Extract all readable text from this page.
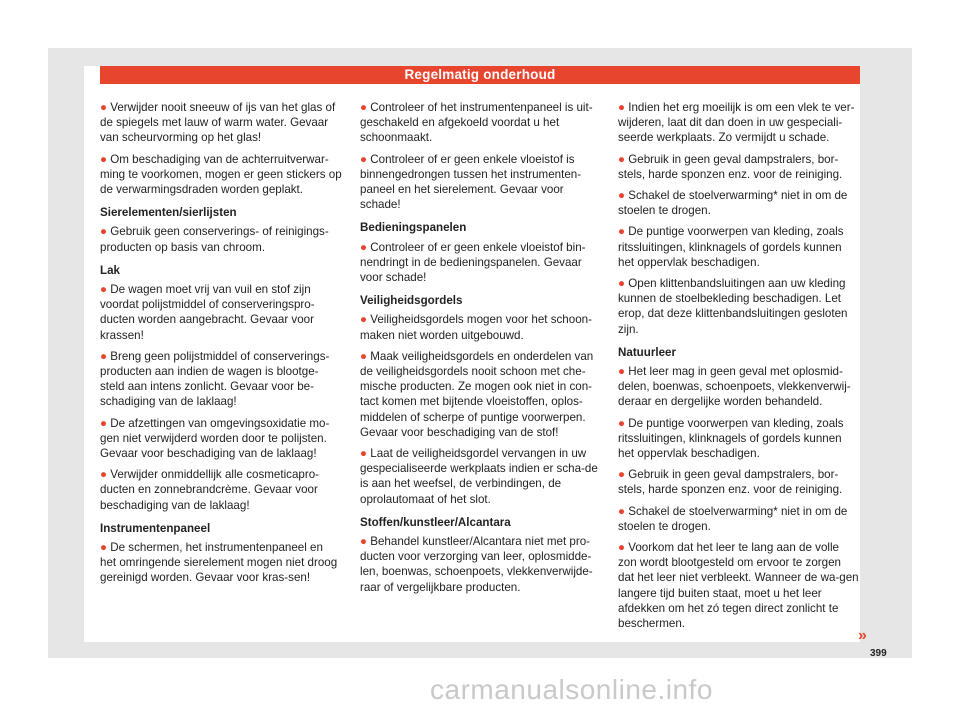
Regelmatig onderhoud

● Verwijder nooit sneeuw of ijs van het glas of de spiegels met lauw of warm water. Gevaar van scheurvorming op het glas!

● Om beschadiging van de achterruitverwar-ming te voorkomen, mogen er geen stickers op de verwarmingsdraden worden geplakt.

Sierelementen/sierlijsten

● Gebruik geen conserverings- of reinigings-producten op basis van chroom.

Lak

● De wagen moet vrij van vuil en stof zijn voordat polijstmiddel of conserveringspro-ducten worden aangebracht. Gevaar voor krassen!

● Breng geen polijstmiddel of conserverings-producten aan indien de wagen is blootge-steld aan intens zonlicht. Gevaar voor be-schadiging van de laklaag!

● De afzettingen van omgevingsoxidatie mo-gen niet verwijderd worden door te polijsten. Gevaar voor beschadiging van de laklaag!

● Verwijder onmiddellijk alle cosmeticapro-ducten en zonnebrandcrème. Gevaar voor beschadiging van de laklaag!

Instrumentenpaneel

● De schermen, het instrumentenpaneel en het omringende sierelement mogen niet droog gereinigd worden. Gevaar voor kras-sen!

● Controleer of het instrumentenpaneel is uit-geschakeld en afgekoeld voordat u het schoonmaakt.

● Controleer of er geen enkele vloeistof is binnengedrongen tussen het instrumenten-paneel en het sierelement. Gevaar voor schade!

Bedieningspanelen

● Controleer of er geen enkele vloeistof bin-nendringt in de bedieningspanelen. Gevaar voor schade!

Veiligheidsgordels

● Veiligheidsgordels mogen voor het schoon-maken niet worden uitgebouwd.

● Maak veiligheidsgordels en onderdelen van de veiligheidsgordels nooit schoon met che-mische producten. Ze mogen ook niet in con-tact komen met bijtende vloeistoffen, oplos-middelen of scherpe of puntige voorwerpen. Gevaar voor beschadiging van de stof!

● Laat de veiligheidsgordel vervangen in uw gespecialiseerde werkplaats indien er scha-de is aan het weefsel, de verbindingen, de oprolautomaat of het slot.

Stoffen/kunstleer/Alcantara

● Behandel kunstleer/Alcantara niet met pro-ducten voor verzorging van leer, oplosmidde-len, boenwas, schoenpoets, vlekkenverwijde-raar of vergelijkbare producten.

● Indien het erg moeilijk is om een vlek te ver-wijderen, laat dit dan doen in uw gespeciali-seerde werkplaats. Zo vermijdt u schade.

● Gebruik in geen geval dampstralers, bor-stels, harde sponzen enz. voor de reiniging.

● Schakel de stoelverwarming* niet in om de stoelen te drogen.

● De puntige voorwerpen van kleding, zoals ritssluitingen, klinknagels of gordels kunnen het oppervlak beschadigen.

● Open klittenbandsluitingen aan uw kleding kunnen de stoelbekleding beschadigen. Let erop, dat deze klittenbandsluitingen gesloten zijn.

Natuurleer

● Het leer mag in geen geval met oplosmid-delen, boenwas, schoenpoets, vlekkenverwij-deraar en dergelijke worden behandeld.

● De puntige voorwerpen van kleding, zoals ritssluitingen, klinknagels of gordels kunnen het oppervlak beschadigen.

● Gebruik in geen geval dampstralers, bor-stels, harde sponzen enz. voor de reiniging.

● Schakel de stoelverwarming* niet in om de stoelen te drogen.

● Voorkom dat het leer te lang aan de volle zon wordt blootgesteld om ervoor te zorgen dat het leer niet verbleekt. Wanneer de wa-gen langere tijd buiten staat, moet u het leer afdekken om het zó tegen direct zonlicht te beschermen.

»
399
carmanualsonline.info
